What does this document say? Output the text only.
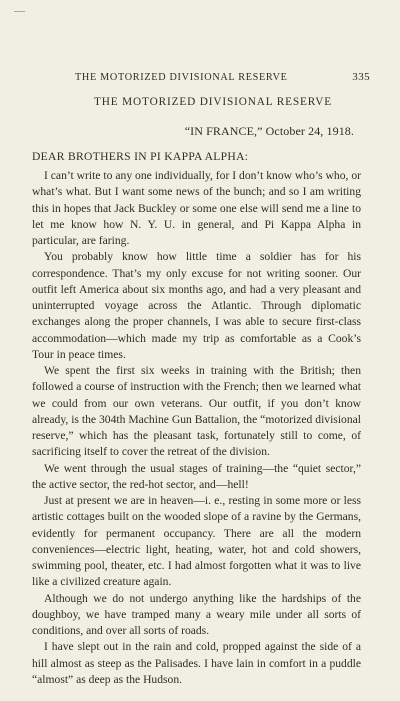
—
THE MOTORIZED DIVISIONAL RESERVE	335
THE MOTORIZED DIVISIONAL RESERVE
“IN FRANCE,” October 24, 1918.
DEAR BROTHERS IN PI KAPPA ALPHA:

I can’t write to any one individually, for I don’t know who’s who, or what’s what. But I want some news of the bunch; and so I am writing this in hopes that Jack Buckley or some one else will send me a line to let me know how N. Y. U. in general, and Pi Kappa Alpha in particular, are faring.

You probably know how little time a soldier has for his correspondence. That’s my only excuse for not writing sooner. Our outfit left America about six months ago, and had a very pleasant and uninterrupted voyage across the Atlantic. Through diplomatic exchanges along the proper channels, I was able to secure first-class accommodation—which made my trip as comfortable as a Cook’s Tour in peace times.

We spent the first six weeks in training with the British; then followed a course of instruction with the French; then we learned what we could from our own veterans. Our outfit, if you don’t know already, is the 304th Machine Gun Battalion, the “motorized divisional reserve,” which has the pleasant task, fortunately still to come, of sacrificing itself to cover the retreat of the division.

We went through the usual stages of training—the “quiet sector,” the active sector, the red-hot sector, and—hell!

Just at present we are in heaven—i. e., resting in some more or less artistic cottages built on the wooded slope of a ravine by the Germans, evidently for permanent occupancy. There are all the modern conveniences—electric light, heating, water, hot and cold showers, swimming pool, theater, etc. I had almost forgotten what it was to live like a civilized creature again.

Although we do not undergo anything like the hardships of the doughboy, we have tramped many a weary mile under all sorts of conditions, and over all sorts of roads.

I have slept out in the rain and cold, propped against the side of a hill almost as steep as the Palisades. I have lain in comfort in a puddle “almost” as deep as the Hudson.
